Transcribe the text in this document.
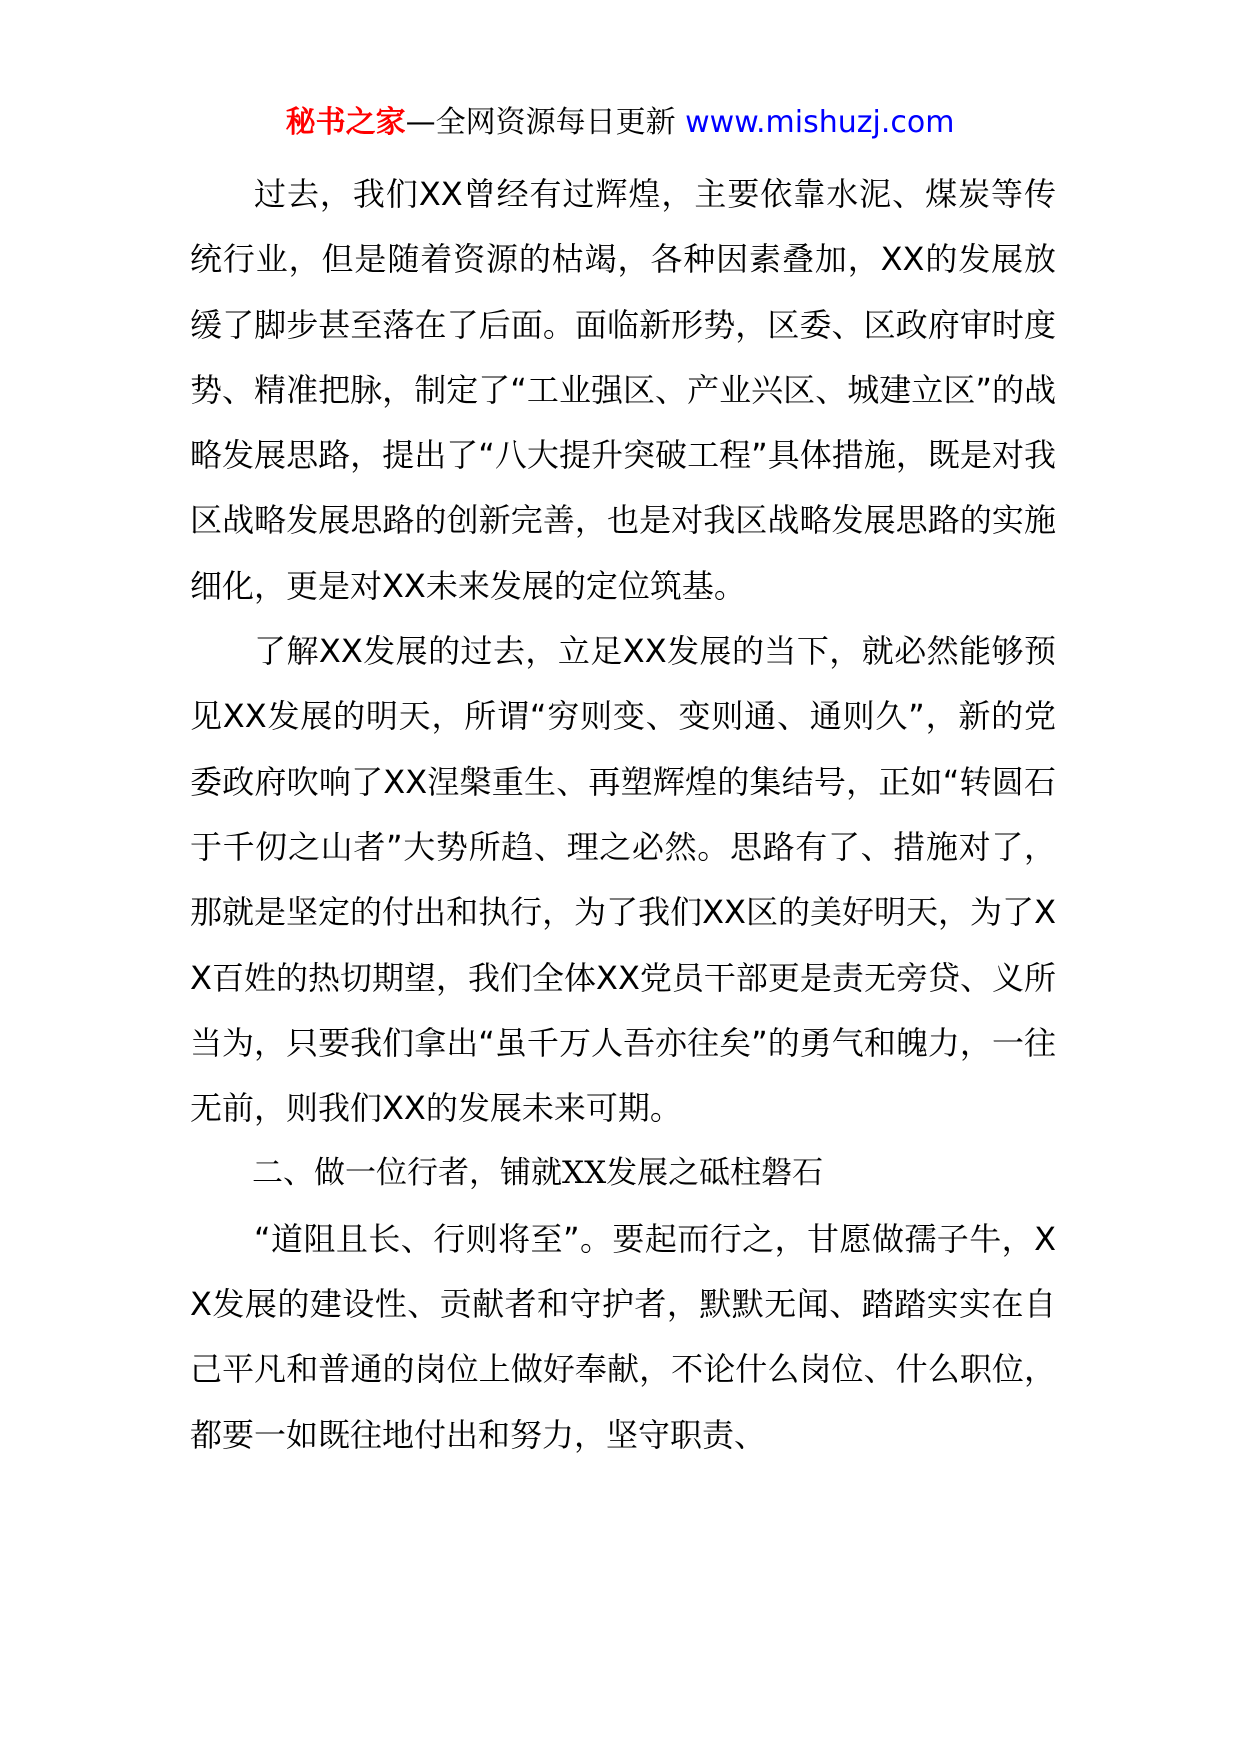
秘书之家—全网资源每日更新 www.mishuzj.com

过去，我们XX曾经有过辉煌，主要依靠水泥、煤炭等传统行业，但是随着资源的枯竭，各种因素叠加，XX的发展放缓了脚步甚至落在了后面。面临新形势，区委、区政府审时度势、精准把脉，制定了“工业强区、产业兴区、城建立区”的战略发展思路，提出了“八大提升突破工程”具体措施，既是对我区战略发展思路的创新完善，也是对我区战略发展思路的实施细化，更是对XX未来发展的定位筑基。

了解XX发展的过去，立足XX发展的当下，就必然能够预见XX发展的明天，所谓“穷则变、变则通、通则久”，新的党委政府吹响了XX涅槃重生、再塑辉煌的集结号，正如“转圆石于千仞之山者”大势所趋、理之必然。思路有了、措施对了，那就是坚定的付出和执行，为了我们XX区的美好明天，为了XX百姓的热切期望，我们全体XX党员干部更是责无旁贷、义所当为，只要我们拿出“虽千万人吾亦往矣”的勇气和魄力，一往无前，则我们XX的发展未来可期。

二、做一位行者，铺就XX发展之砥柱磐石

“道阻且长、行则将至”。要起而行之，甘愿做孺子牛，XX发展的建设性、贡献者和守护者，默默无闻、踏踏实实在自己平凡和普通的岗位上做好奉献，不论什么岗位、什么职位，都要一如既往地付出和努力，坚守职责、
